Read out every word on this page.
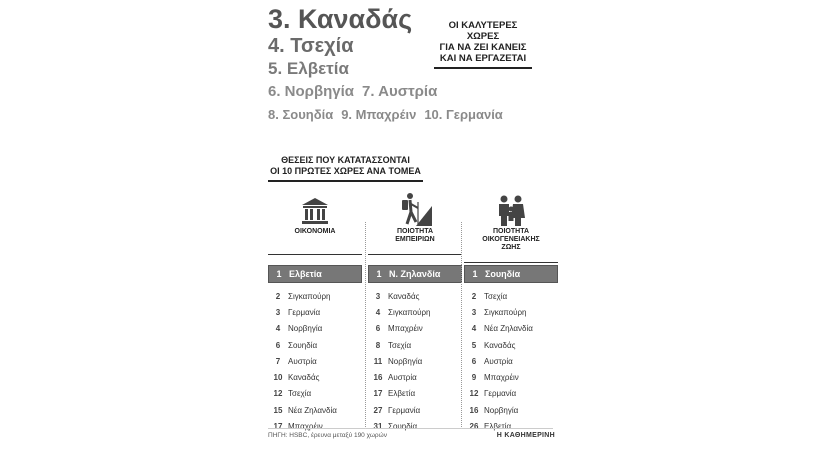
3. Καναδάς
4. Τσεχία
5. Ελβετία
6. Νορβηγία 7. Αυστρία
8. Σουηδία 9. Μπαχρέιν 10. Γερμανία
ΟΙ ΚΑΛΥΤΕΡΕΣ ΧΩΡΕΣ
ΓΙΑ ΝΑ ΖΕΙ ΚΑΝΕΙΣ
ΚΑΙ ΝΑ ΕΡΓΑΖΕΤΑΙ
ΘΕΣΕΙΣ ΠΟΥ ΚΑΤΑΤΑΣΣΟΝΤΑΙ
ΟΙ 10 ΠΡΩΤΕΣ ΧΩΡΕΣ ΑΝΑ ΤΟΜΕΑ
ΟΙΚΟΝΟΜΙΑ
1 Ελβετία
2 Σιγκαπούρη
3 Γερμανία
4 Νορβηγία
6 Σουηδία
7 Αυστρία
10 Καναδάς
12 Τσεχία
15 Νέα Ζηλανδία
17 Μπαχρέιν
ΠΟΙΟΤΗΤΑ
ΕΜΠΕΙΡΙΩΝ
1 Ν. Ζηλανδία
3 Καναδάς
4 Σιγκαπούρη
6 Μπαχρέιν
8 Τσεχία
11 Νορβηγία
16 Αυστρία
17 Ελβετία
27 Γερμανία
31 Σουηδία
ΠΟΙΟΤΗΤΑ
ΟΙΚΟΓΕΝΕΙΑΚΗΣ
ΖΩΗΣ
1 Σουηδία
2 Τσεχία
3 Σιγκαπούρη
4 Νέα Ζηλανδία
5 Καναδάς
6 Αυστρία
9 Μπαχρέιν
12 Γερμανία
16 Νορβηγία
26 Ελβετία
ΠΗΓΗ: HSBC, έρευνα μεταξύ 190 χωρών	Η ΚΑΘΗΜΕΡΙΝΗ
